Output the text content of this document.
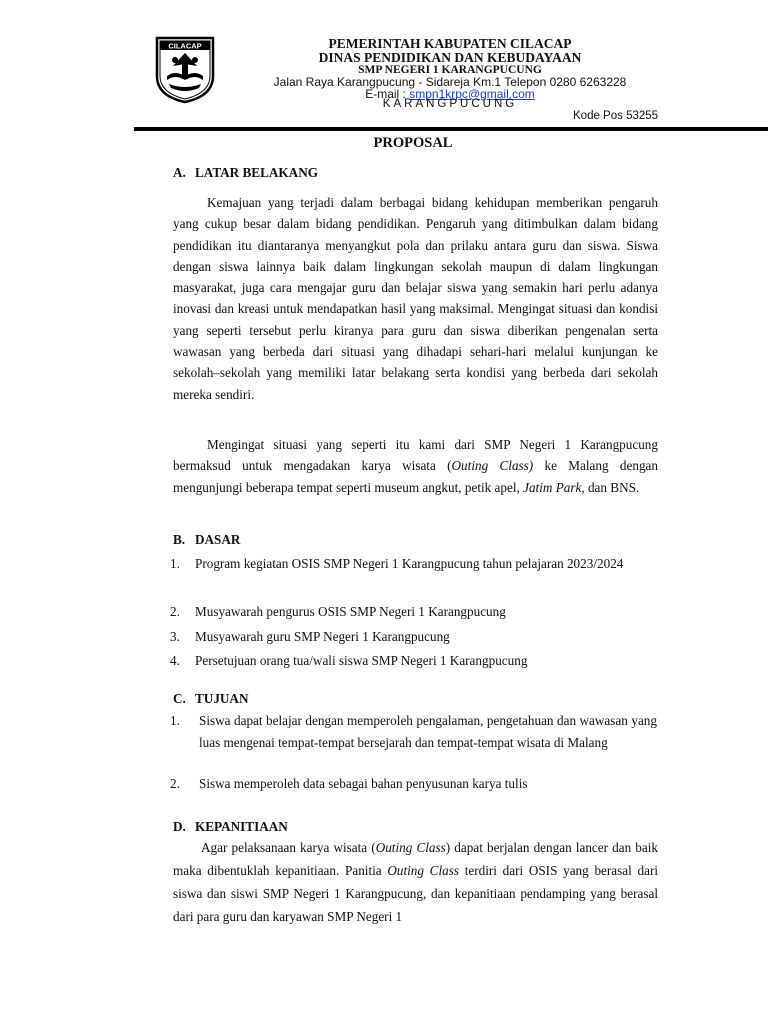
CILACAP	PEMERINTAH KABUPATEN CILACAP
DINAS PENDIDIKAN DAN KEBUDAYAAN
SMP NEGERI 1 KARANGPUCUNG
Jalan Raya Karangpucung - Sidareja Km.1 Telepon 0280 6263228
E-mail : smpn1krpc@gmail.com
KARANGPUCUNG
Kode Pos 53255
PROPOSAL
A. LATAR BELAKANG
Kemajuan yang terjadi dalam berbagai bidang kehidupan memberikan pengaruh yang cukup besar dalam bidang pendidikan. Pengaruh yang ditimbulkan dalam bidang pendidikan itu diantaranya menyangkut pola dan prilaku antara guru dan siswa. Siswa dengan siswa lainnya baik dalam lingkungan sekolah maupun di dalam lingkungan masyarakat, juga cara mengajar guru dan belajar siswa yang semakin hari perlu adanya inovasi dan kreasi untuk mendapatkan hasil yang maksimal. Mengingat situasi dan kondisi yang seperti tersebut perlu kiranya para guru dan siswa diberikan pengenalan serta wawasan yang berbeda dari situasi yang dihadapi sehari-hari melalui kunjungan ke sekolah–sekolah yang memiliki latar belakang serta kondisi yang berbeda dari sekolah mereka sendiri.
Mengingat situasi yang seperti itu kami dari SMP Negeri 1 Karangpucung bermaksud untuk mengadakan karya wisata (Outing Class) ke Malang dengan mengunjungi beberapa tempat seperti museum angkut, petik apel, Jatim Park, dan BNS.
B. DASAR
1. Program kegiatan OSIS SMP Negeri 1 Karangpucung tahun pelajaran 2023/2024
2. Musyawarah pengurus OSIS SMP Negeri 1 Karangpucung
3. Musyawarah guru SMP Negeri 1 Karangpucung
4. Persetujuan orang tua/wali siswa SMP Negeri 1 Karangpucung
C. TUJUAN
1. Siswa dapat belajar dengan memperoleh pengalaman, pengetahuan dan wawasan yang luas mengenai tempat-tempat bersejarah dan tempat-tempat wisata di Malang
2. Siswa memperoleh data sebagai bahan penyusunan karya tulis
D. KEPANITIAAN
Agar pelaksanaan karya wisata (Outing Class) dapat berjalan dengan lancer dan baik maka dibentuklah kepanitiaan. Panitia Outing Class terdiri dari OSIS yang berasal dari siswa dan siswi SMP Negeri 1 Karangpucung, dan kepanitiaan pendamping yang berasal dari para guru dan karyawan SMP Negeri 1
